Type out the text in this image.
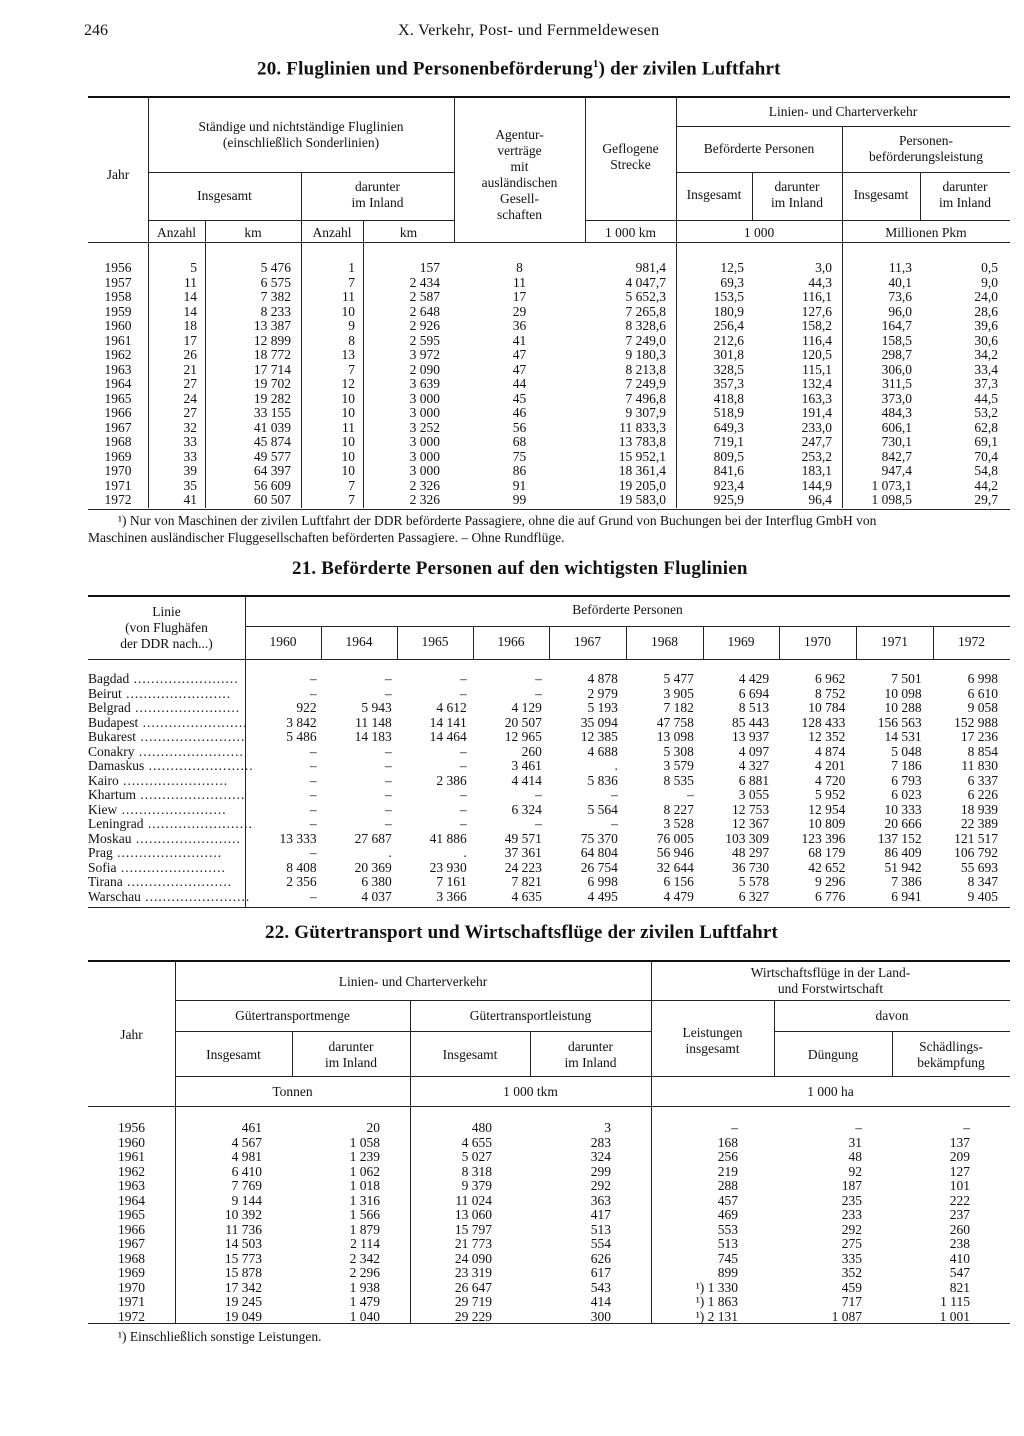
246	X. Verkehr, Post- und Fernmeldewesen
20. Fluglinien und Personenbeförderung$^1$) der zivilen Luftfahrt
Jahr
Ständige und nichtständige Fluglinien
(einschließlich Sonderlinien)
Insgesamt
darunter
im Inland
Agentur-
verträge
mit
ausländischen
Gesell-
schaften
Geflogene
Strecke
Linien- und Charterverkehr
Beförderte Personen
Personen-
beförderungsleistung
Insgesamt
darunter
im Inland
Insgesamt
darunter
im Inland
Anzahl	km	Anzahl	km	1 000 km	1 000	Millionen Pkm
1956	5	5 476	1	157	8	981,4	12,5	3,0	11,3	0,5
1957	11	6 575	7	2 434	11	4 047,7	69,3	44,3	40,1	9,0
1958	14	7 382	11	2 587	17	5 652,3	153,5	116,1	73,6	24,0
1959	14	8 233	10	2 648	29	7 265,8	180,9	127,6	96,0	28,6
1960	18	13 387	9	2 926	36	8 328,6	256,4	158,2	164,7	39,6
1961	17	12 899	8	2 595	41	7 249,0	212,6	116,4	158,5	30,6
1962	26	18 772	13	3 972	47	9 180,3	301,8	120,5	298,7	34,2
1963	21	17 714	7	2 090	47	8 213,8	328,5	115,1	306,0	33,4
1964	27	19 702	12	3 639	44	7 249,9	357,3	132,4	311,5	37,3
1965	24	19 282	10	3 000	45	7 496,8	418,8	163,3	373,0	44,5
1966	27	33 155	10	3 000	46	9 307,9	518,9	191,4	484,3	53,2
1967	32	41 039	11	3 252	56	11 833,3	649,3	233,0	606,1	62,8
1968	33	45 874	10	3 000	68	13 783,8	719,1	247,7	730,1	69,1
1969	33	49 577	10	3 000	75	15 952,1	809,5	253,2	842,7	70,4
1970	39	64 397	10	3 000	86	18 361,4	841,6	183,1	947,4	54,8
1971	35	56 609	7	2 326	91	19 205,0	923,4	144,9	1 073,1	44,2
1972	41	60 507	7	2 326	99	19 583,0	925,9	96,4	1 098,5	29,7
¹) Nur von Maschinen der zivilen Luftfahrt der DDR beförderte Passagiere, ohne die auf Grund von Buchungen bei der Interflug GmbH von
Maschinen ausländischer Fluggesellschaften beförderten Passagiere. – Ohne Rundflüge.
21. Beförderte Personen auf den wichtigsten Fluglinien
Linie
(von Flughäfen
der DDR nach...)
Beförderte Personen
1960	1964	1965	1966	1967	1968	1969	1970	1971	1972
Bagdad ........................	–	–	–	–	4 878	5 477	4 429	6 962	7 501	6 998
Beirut ........................	–	–	–	–	2 979	3 905	6 694	8 752	10 098	6 610
Belgrad ........................	922	5 943	4 612	4 129	5 193	7 182	8 513	10 784	10 288	9 058
Budapest ........................	3 842	11 148	14 141	20 507	35 094	47 758	85 443	128 433	156 563	152 988
Bukarest ........................	5 486	14 183	14 464	12 965	12 385	13 098	13 937	12 352	14 531	17 236
Conakry ........................	–	–	–	260	4 688	5 308	4 097	4 874	5 048	8 854
Damaskus ........................	–	–	–	3 461	.	3 579	4 327	4 201	7 186	11 830
Kairo ........................	–	–	2 386	4 414	5 836	8 535	6 881	4 720	6 793	6 337
Khartum ........................	–	–	–	–	–	–	3 055	5 952	6 023	6 226
Kiew ........................	–	–	–	6 324	5 564	8 227	12 753	12 954	10 333	18 939
Leningrad ........................	–	–	–	–	–	3 528	12 367	10 809	20 666	22 389
Moskau ........................	13 333	27 687	41 886	49 571	75 370	76 005	103 309	123 396	137 152	121 517
Prag ........................	–	.	.	37 361	64 804	56 946	48 297	68 179	86 409	106 792
Sofia ........................	8 408	20 369	23 930	24 223	26 754	32 644	36 730	42 652	51 942	55 693
Tirana ........................	2 356	6 380	7 161	7 821	6 998	6 156	5 578	9 296	7 386	8 347
Warschau ........................	–	4 037	3 366	4 635	4 495	4 479	6 327	6 776	6 941	9 405
22. Gütertransport und Wirtschaftsflüge der zivilen Luftfahrt
Jahr
Linien- und Charterverkehr
Gütertransportmenge	Gütertransportleistung
Wirtschaftsflüge in der Land-
und Forstwirtschaft
davon
Insgesamt
darunter
im Inland
Insgesamt
darunter
im Inland
Leistungen
insgesamt	Düngung
Schädlings-
bekämpfung
Tonnen	1 000 tkm	1 000 ha
1956	461	20	480	3	–	–	–
1960	4 567	1 058	4 655	283	168	31	137
1961	4 981	1 239	5 027	324	256	48	209
1962	6 410	1 062	8 318	299	219	92	127
1963	7 769	1 018	9 379	292	288	187	101
1964	9 144	1 316	11 024	363	457	235	222
1965	10 392	1 566	13 060	417	469	233	237
1966	11 736	1 879	15 797	513	553	292	260
1967	14 503	2 114	21 773	554	513	275	238
1968	15 773	2 342	24 090	626	745	335	410
1969	15 878	2 296	23 319	617	899	352	547
1970	17 342	1 938	26 647	543	¹) 1 330	459	821
1971	19 245	1 479	29 719	414	¹) 1 863	717	1 115
1972	19 049	1 040	29 229	300	¹) 2 131	1 087	1 001
¹) Einschließlich sonstige Leistungen.
